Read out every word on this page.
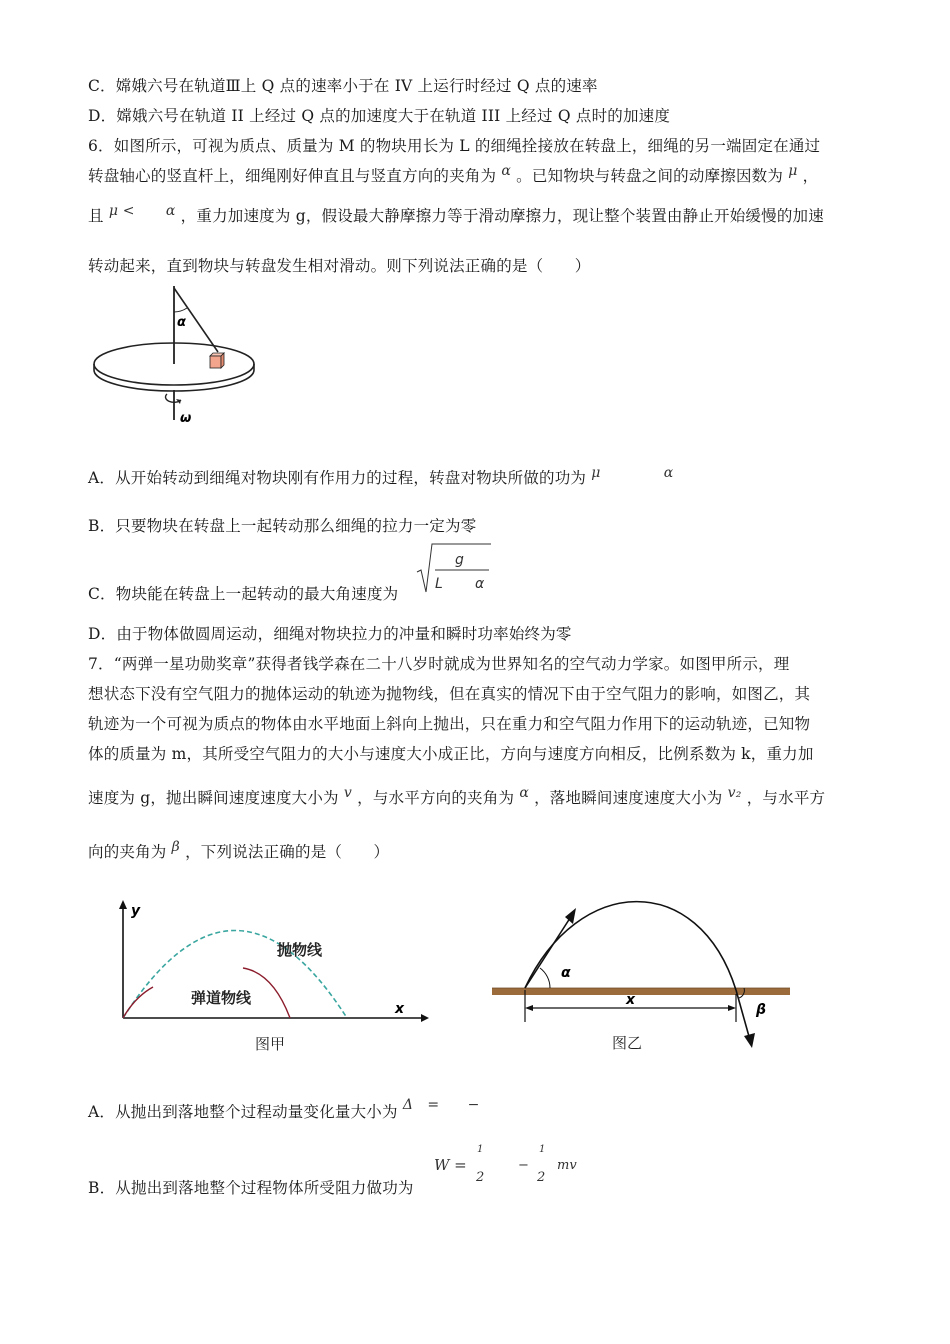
C．嫦娥六号在轨道Ⅲ上 Q 点的速率小于在 IV 上运行时经过 Q 点的速率
D．嫦娥六号在轨道 II 上经过 Q 点的加速度大于在轨道 III 上经过 Q 点时的加速度
6．如图所示，可视为质点、质量为 M 的物块用长为 L 的细绳拴接放在转盘上，细绳的另一端固定在通过
转盘轴心的竖直杆上，细绳刚好伸直且与竖直方向的夹角为 α 。已知物块与转盘之间的动摩擦因数为 μ ，
且 μ < α ，重力加速度为 g，假设最大静摩擦力等于滑动摩擦力，现让整个装置由静止开始缓慢的加速
转动起来，直到物块与转盘发生相对滑动。则下列说法正确的是（　　）
α
ω
A．从开始转动到细绳对物块刚有作用力的过程，转盘对物块所做的功为 μ	α
B．只要物块在转盘上一起转动那么细绳的拉力一定为零
C．物块能在转盘上一起转动的最大角速度为
g
L α
D．由于物体做圆周运动，细绳对物块拉力的冲量和瞬时功率始终为零
7．“两弹一星功勋奖章”获得者钱学森在二十八岁时就成为世界知名的空气动力学家。如图甲所示，理
想状态下没有空气阻力的抛体运动的轨迹为抛物线，但在真实的情况下由于空气阻力的影响，如图乙，其
轨迹为一个可视为质点的物体由水平地面上斜向上抛出，只在重力和空气阻力作用下的运动轨迹，已知物
体的质量为 m，其所受空气阻力的大小与速度大小成正比，方向与速度方向相反，比例系数为 k，重力加
速度为 g，抛出瞬间速度速度大小为 v ，与水平方向的夹角为 α ，落地瞬间速度速度大小为 v₂ ，与水平方
向的夹角为 β ，下列说法正确的是（　　）
y
x
抛物线
弹道物线
图甲
α
β
x
图乙
A．从抛出到落地整个过程动量变化量大小为 Δ　=　　−
B．从抛出到落地整个过程物体所受阻力做功为
W =
1
2
−
1
2
mv
